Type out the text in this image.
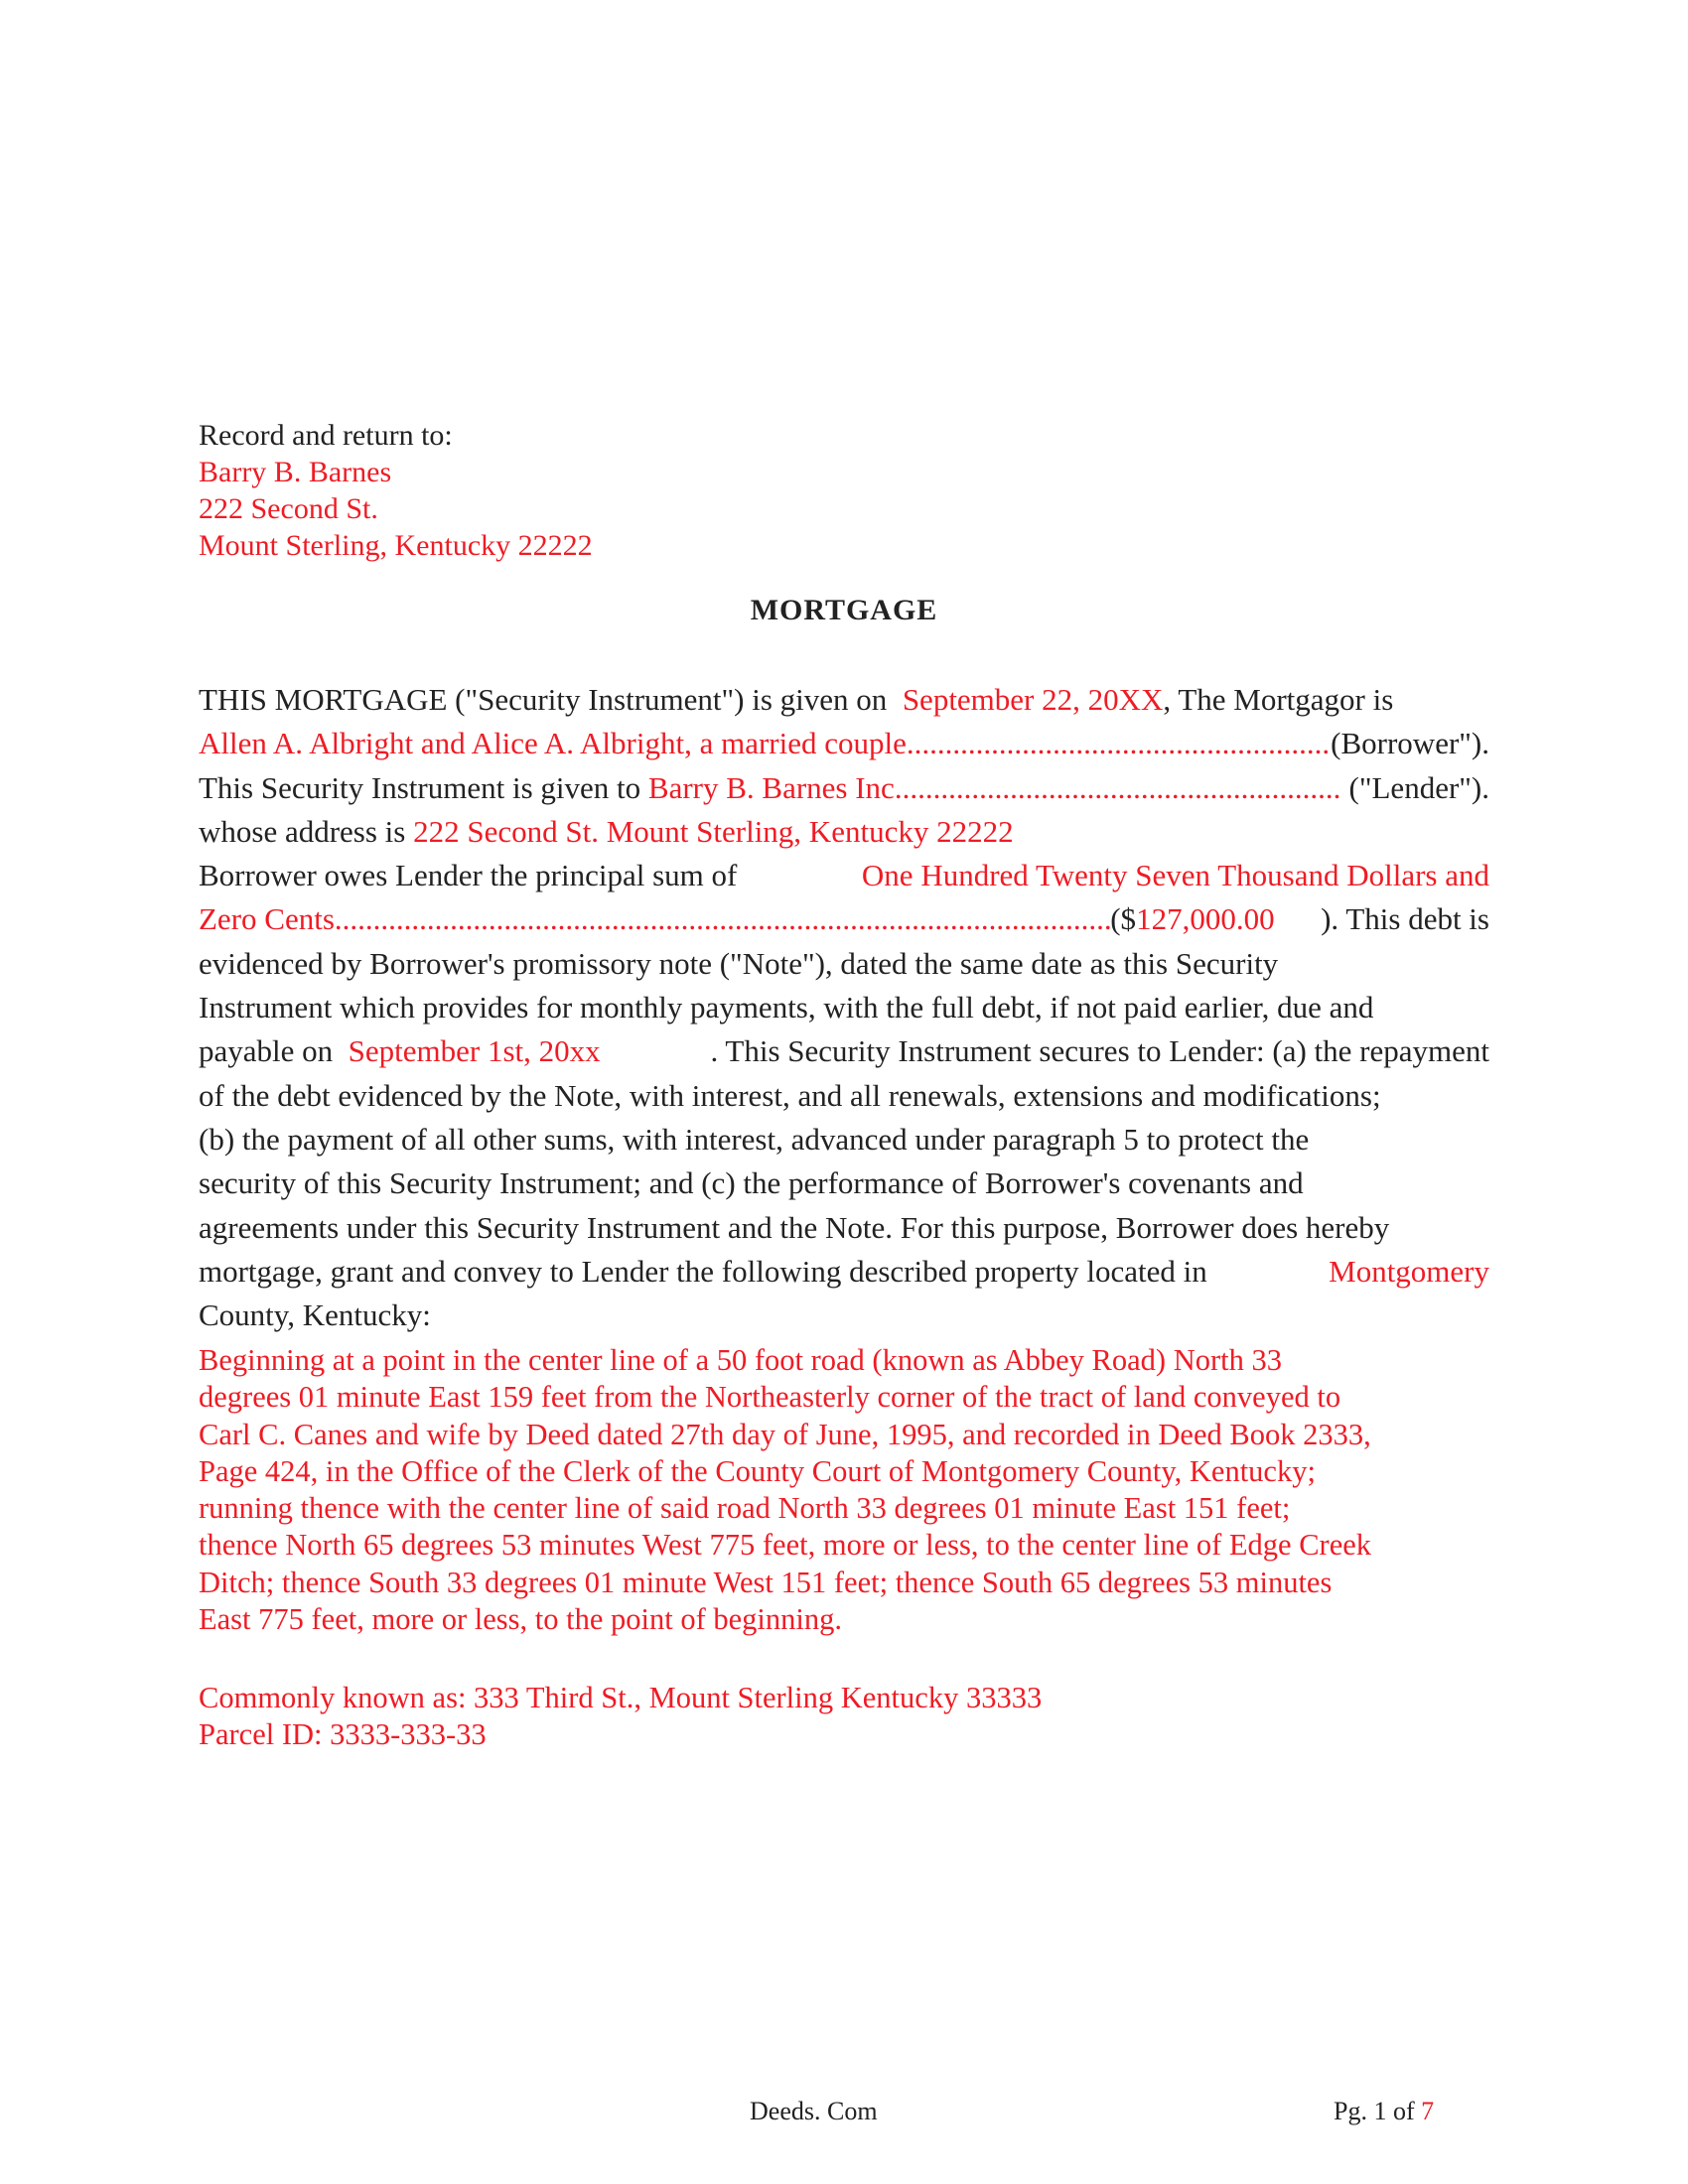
Record and return to:
Barry B. Barnes
222 Second St.
Mount Sterling, Kentucky 22222
MORTGAGE
THIS MORTGAGE ("Security Instrument") is given on September 22, 20XX, The Mortgagor is
Allen A. Albright and Alice A. Albright, a married couple .....	(Borrower").
This Security Instrument is given to
Barry B. Barnes Inc .....
	("Lender").
whose address is 222 Second St. Mount Sterling, Kentucky 22222
Borrower owes Lender the principal sum of	One Hundred Twenty Seven Thousand Dollars and
Zero Cents .....	($ 127,000.00
). This debt is
evidenced by Borrower's promissory note ("Note"), dated the same date as this Security
Instrument which provides for monthly payments, with the full debt, if not paid earlier, due and
payable on September 1st, 20xx	. This Security Instrument secures to Lender: (a) the repayment
of the debt evidenced by the Note, with interest, and all renewals, extensions and modifications;
(b) the payment of all other sums, with interest, advanced under paragraph 5 to protect the
security of this Security Instrument; and (c) the performance of Borrower's covenants and
agreements under this Security Instrument and the Note. For this purpose, Borrower does hereby
mortgage, grant and convey to Lender the following described property located in	Montgomery
County, Kentucky:
Beginning at a point in the center line of a 50 foot road (known as Abbey Road) North 33
degrees 01 minute East 159 feet from the Northeasterly corner of the tract of land conveyed to
Carl C. Canes and wife by Deed dated 27th day of June, 1995, and recorded in Deed Book 2333,
Page 424, in the Office of the Clerk of the County Court of Montgomery County, Kentucky;
running thence with the center line of said road North 33 degrees 01 minute East 151 feet;
thence North 65 degrees 53 minutes West 775 feet, more or less, to the center line of Edge Creek
Ditch; thence South 33 degrees 01 minute West 151 feet; thence South 65 degrees 53 minutes
East 775 feet, more or less, to the point of beginning.
Commonly known as: 333 Third St., Mount Sterling Kentucky 33333
Parcel ID: 3333-333-33
Deeds. Com	Pg. 1 of 7
